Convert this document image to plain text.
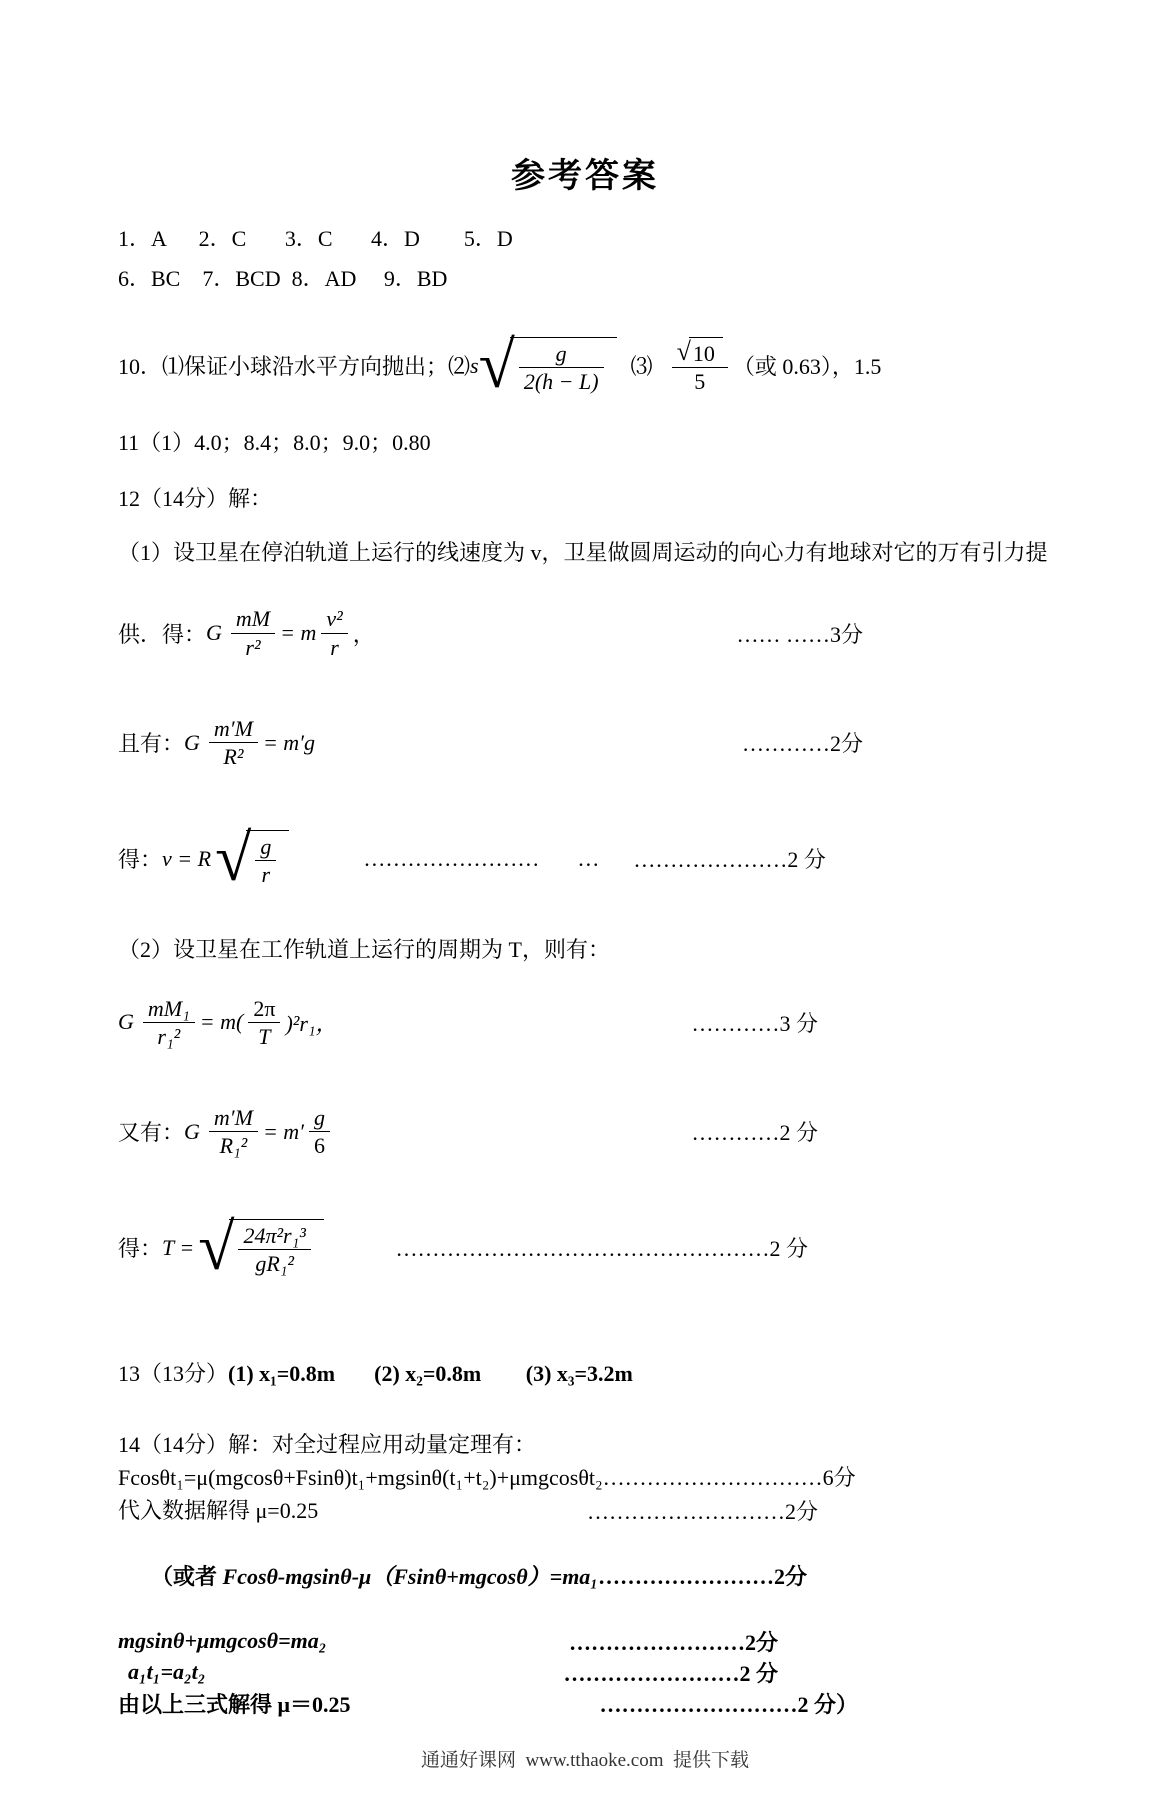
参考答案
1．A      2．C       3．C       4．D        5．D
6．BC    7．BCD  8．AD     9．BD
10．⑴保证小球沿水平方向抛出；⑵ s √ $\frac{g}{2(h - L)}$ ⑶ $\frac{√ 10}{5}$ （或 0.63），1.5
11（1）4.0；8.4；8.0；9.0；0.80
12（14分）解：
（1）设卫星在停泊轨道上运行的线速度为 v，卫星做圆周运动的向心力有地球对它的万有引力提
供．得： G $\frac{mM}{\text{r²}} = m \frac{\text{v²}}{r}$ ，	…… ……3分
且有： G $\frac{m'M}{\text{R²}} = m'g$	…………2分
得： v = R √ $\frac{g}{r}$	…………………… … …………………2 分
（2）设卫星在工作轨道上运行的周期为 T，则有：
G $\frac{\text{mM₁}}{\text{r₁²}} = m( \frac{2\pi}{T} )^2r_1$，	…………3 分
又有： G $\frac{m'M}{\text{R₁²}} = m' \frac{g}{6}$	…………2 分
得： T = √ $\frac{\text{24π²r₁³}}{\text{gR₁²}}$	……………………………………………2 分
13（13分） (1) x₁=0.8m
(2) x₂=0.8m
(3) x₃=3.2m
14（14分）解：对全过程应用动量定理有：
Fcosθt₁=μ(mgcosθ+Fsinθ)t₁+mgsinθ(t₁+t₂)+μmgcosθt₂…………………………6分
代入数据解得 μ=0.25	………………………2分

（或者 Fcosθ-mgsinθ-μ（Fsinθ+mgcosθ）=ma₁……………………2分

mgsinθ+μmgcosθ=ma₂	……………………2分
a₁t₁=a₂t₂	……………………2 分
由以上三式解得 μ＝0.25	………………………2 分）
通通好课网  www.tthaoke.com  提供下载
